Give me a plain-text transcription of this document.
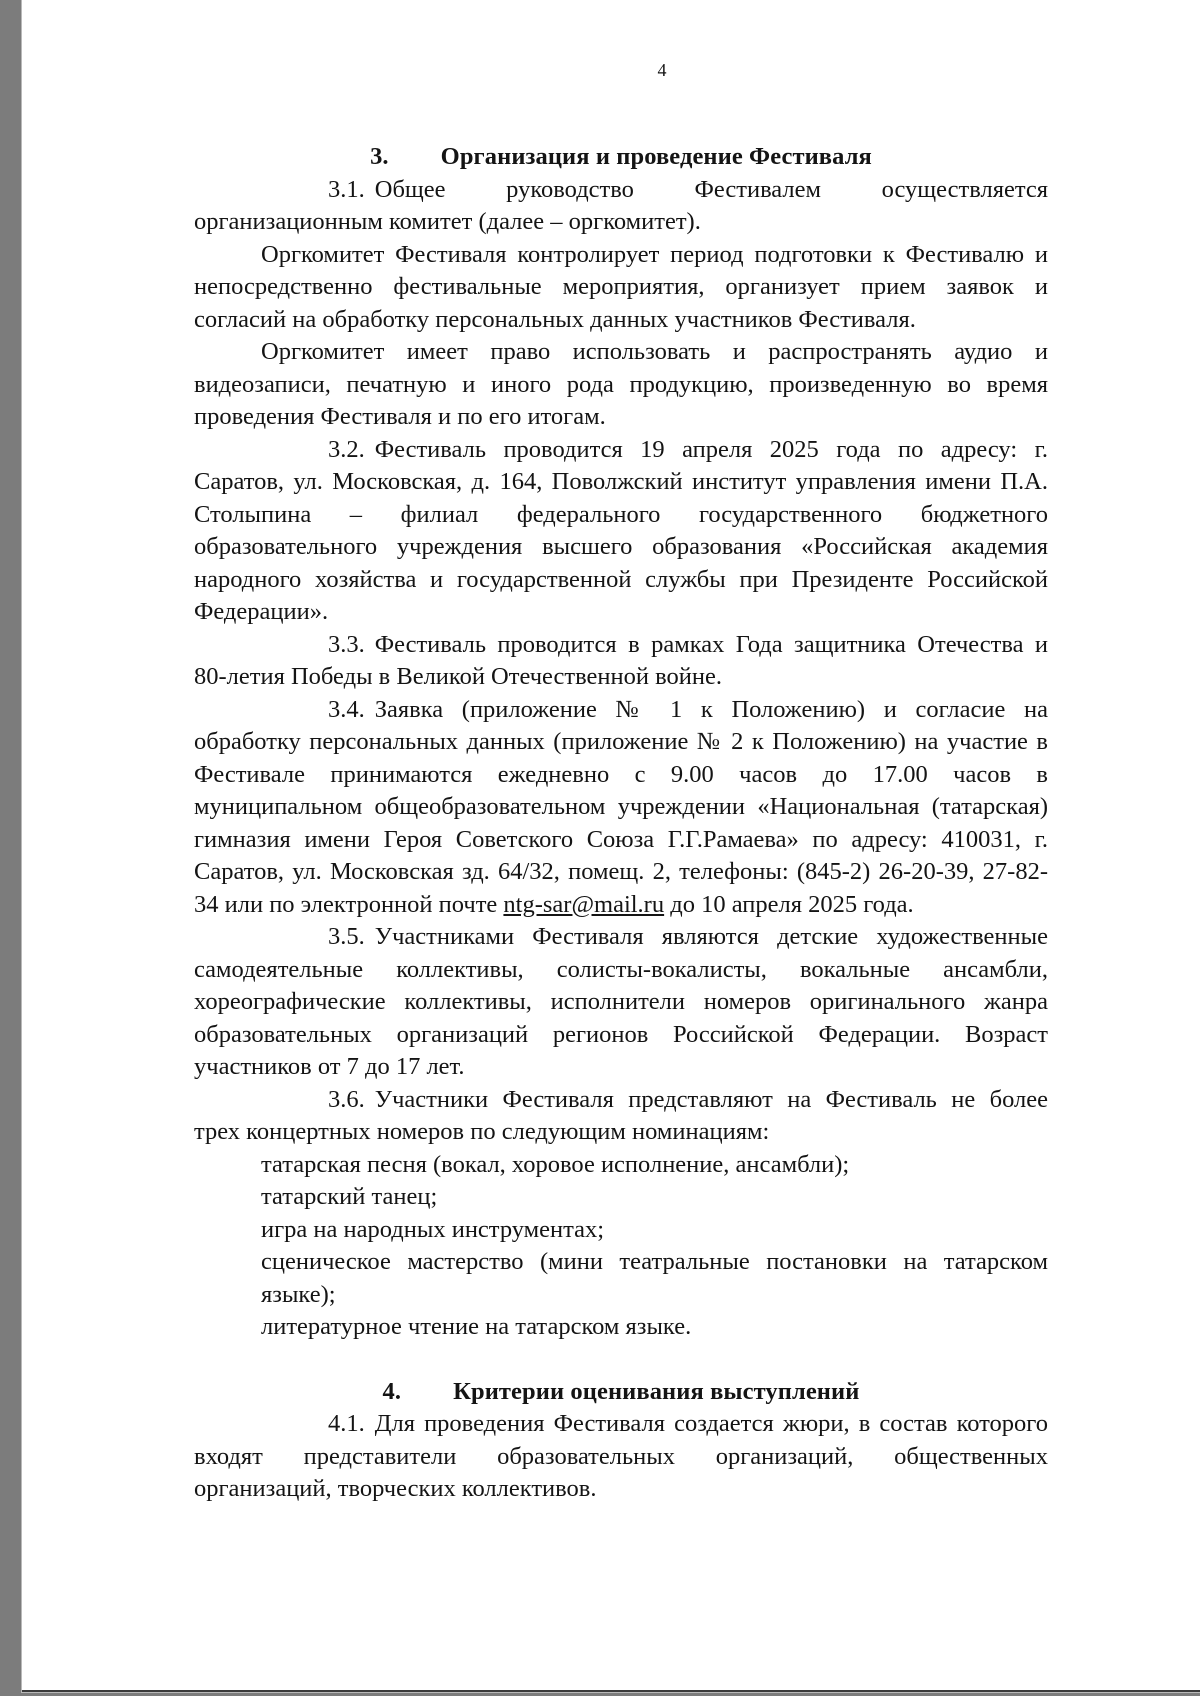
4

3. Организация и проведение Фестиваля

3.1. Общее руководство Фестивалем осуществляется

организационным комитет (далее – оргкомитет).

Оргкомитет Фестиваля контролирует период подготовки к Фестивалю и непосредственно фестивальные мероприятия, организует прием заявок и согласий на обработку персональных данных участников Фестиваля.

Оргкомитет имеет право использовать и распространять аудио и видеозаписи, печатную и иного рода продукцию, произведенную во время проведения Фестиваля и по его итогам.

3.2. Фестиваль проводится 19 апреля 2025 года по адресу: г. Саратов, ул. Московская, д. 164, Поволжский институт управления имени П.А. Столыпина – филиал федерального государственного бюджетного образовательного учреждения высшего образования «Российская академия народного хозяйства и государственной службы при Президенте Российской Федерации».

3.3. Фестиваль проводится в рамках Года защитника Отечества и 80-летия Победы в Великой Отечественной войне.

3.4. Заявка (приложение № 1 к Положению) и согласие на обработку персональных данных (приложение № 2 к Положению) на участие в Фестивале принимаются ежедневно с 9.00 часов до 17.00 часов в муниципальном общеобразовательном учреждении «Национальная (татарская) гимназия имени Героя Советского Союза Г.Г.Рамаева» по адресу: 410031, г. Саратов, ул. Московская зд. 64/32, помещ. 2, телефоны: (845-2) 26-20-39, 27-82-34 или по электронной почте ntg-sar@mail.ru до 10 апреля 2025 года.

3.5. Участниками Фестиваля являются детские художественные самодеятельные коллективы, солисты-вокалисты, вокальные ансамбли, хореографические коллективы, исполнители номеров оригинального жанра образовательных организаций регионов Российской Федерации. Возраст участников от 7 до 17 лет.

3.6. Участники Фестиваля представляют на Фестиваль не более трех концертных номеров по следующим номинациям:

татарская песня (вокал, хоровое исполнение, ансамбли);

татарский танец;

игра на народных инструментах;

сценическое мастерство (мини театральные постановки на татарском языке);

литературное чтение на татарском языке.

4. Критерии оценивания выступлений

4.1. Для проведения Фестиваля создается жюри, в состав которого входят представители образовательных организаций, общественных организаций, творческих коллективов.
